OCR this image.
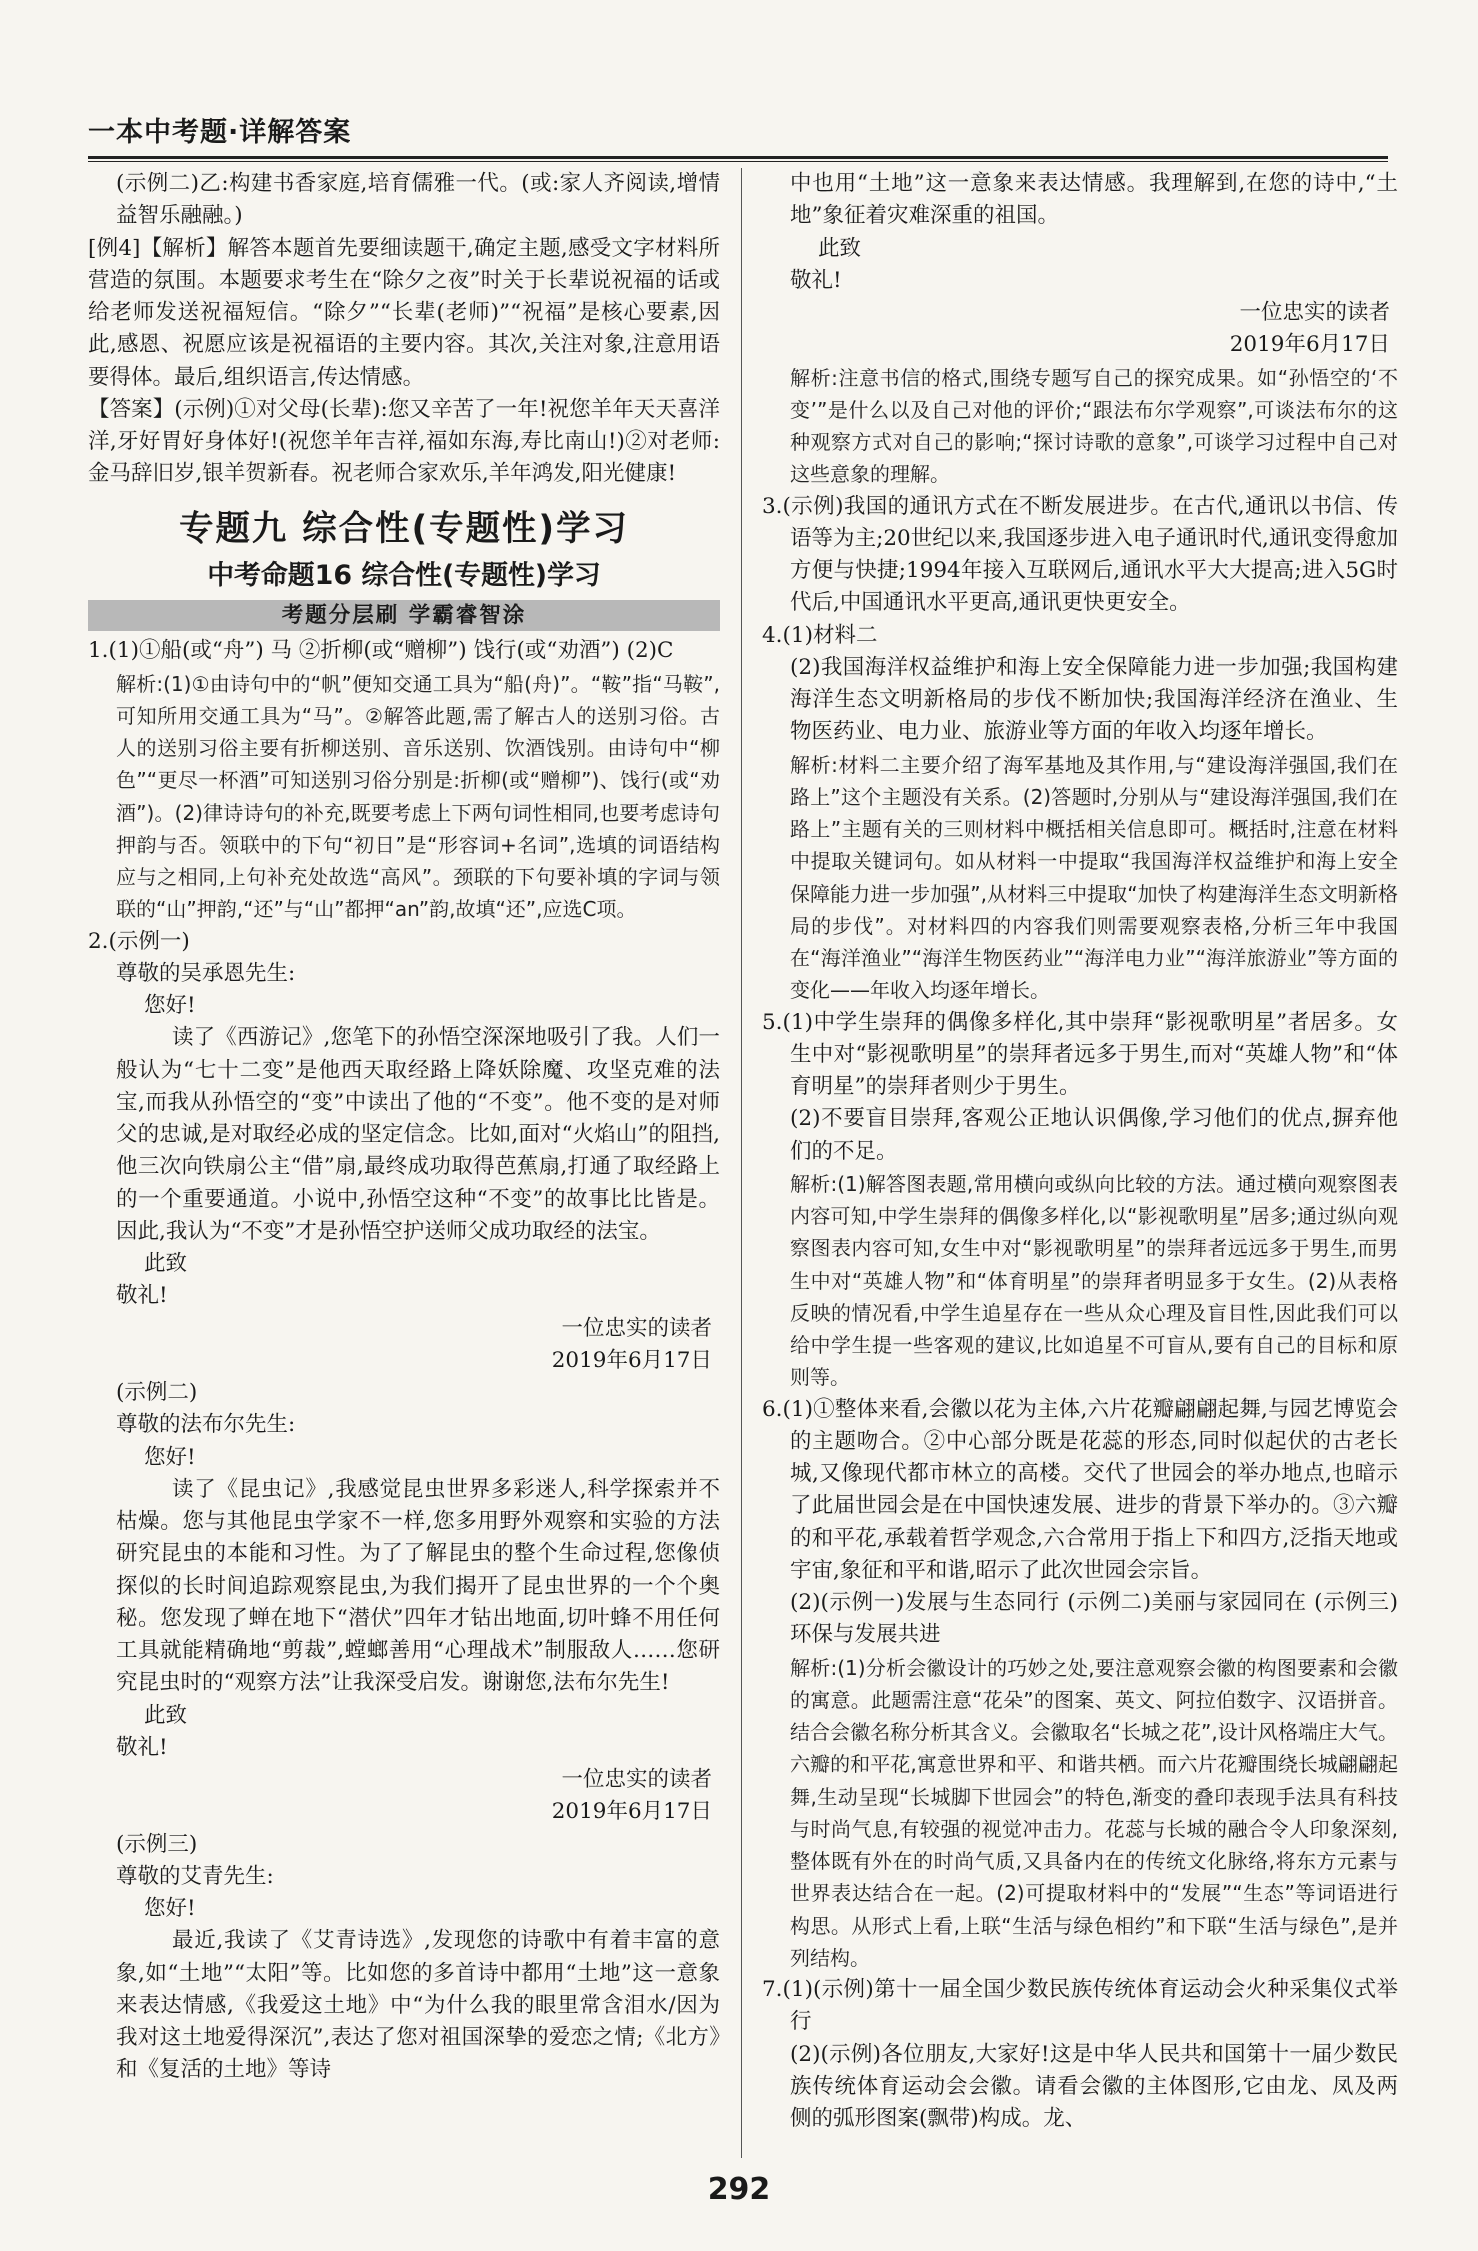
一本中考题·详解答案

(示例二)乙:构建书香家庭,培育儒雅一代。(或:家人齐阅读,增情益智乐融融。)

[例4]【解析】解答本题首先要细读题干,确定主题,感受文字材料所营造的氛围。本题要求考生在“除夕之夜”时关于长辈说祝福的话或给老师发送祝福短信。“除夕”“长辈(老师)”“祝福”是核心要素,因此,感恩、祝愿应该是祝福语的主要内容。其次,关注对象,注意用语要得体。最后,组织语言,传达情感。

【答案】(示例)①对父母(长辈):您又辛苦了一年!祝您羊年天天喜洋洋,牙好胃好身体好!(祝您羊年吉祥,福如东海,寿比南山!)②对老师:金马辞旧岁,银羊贺新春。祝老师合家欢乐,羊年鸿发,阳光健康!

专题九 综合性(专题性)学习

中考命题16 综合性(专题性)学习

考题分层刷 学霸睿智涂

1.(1)①船(或“舟”) 马 ②折柳(或“赠柳”) 饯行(或“劝酒”) (2)C

解析:(1)①由诗句中的“帆”便知交通工具为“船(舟)”。“鞍”指“马鞍”,可知所用交通工具为“马”。②解答此题,需了解古人的送别习俗。古人的送别习俗主要有折柳送别、音乐送别、饮酒饯别。由诗句中“柳色”“更尽一杯酒”可知送别习俗分别是:折柳(或“赠柳”)、饯行(或“劝酒”)。(2)律诗诗句的补充,既要考虑上下两句词性相同,也要考虑诗句押韵与否。领联中的下句“初日”是“形容词+名词”,选填的词语结构应与之相同,上句补充处故选“高风”。颈联的下句要补填的字词与领联的“山”押韵,“还”与“山”都押“an”韵,故填“还”,应选C项。

2.(示例一)

尊敬的吴承恩先生:

您好!

读了《西游记》,您笔下的孙悟空深深地吸引了我。人们一般认为“七十二变”是他西天取经路上降妖除魔、攻坚克难的法宝,而我从孙悟空的“变”中读出了他的“不变”。他不变的是对师父的忠诚,是对取经必成的坚定信念。比如,面对“火焰山”的阻挡,他三次向铁扇公主“借”扇,最终成功取得芭蕉扇,打通了取经路上的一个重要通道。小说中,孙悟空这种“不变”的故事比比皆是。因此,我认为“不变”才是孙悟空护送师父成功取经的法宝。

此致

敬礼!

一位忠实的读者

2019年6月17日

(示例二)

尊敬的法布尔先生:

您好!

读了《昆虫记》,我感觉昆虫世界多彩迷人,科学探索并不枯燥。您与其他昆虫学家不一样,您多用野外观察和实验的方法研究昆虫的本能和习性。为了了解昆虫的整个生命过程,您像侦探似的长时间追踪观察昆虫,为我们揭开了昆虫世界的一个个奥秘。您发现了蝉在地下“潜伏”四年才钻出地面,切叶蜂不用任何工具就能精确地“剪裁”,螳螂善用“心理战术”制服敌人……您研究昆虫时的“观察方法”让我深受启发。谢谢您,法布尔先生!

此致

敬礼!

一位忠实的读者

2019年6月17日

(示例三)

尊敬的艾青先生:

您好!

最近,我读了《艾青诗选》,发现您的诗歌中有着丰富的意象,如“土地”“太阳”等。比如您的多首诗中都用“土地”这一意象来表达情感,《我爱这土地》中“为什么我的眼里常含泪水/因为我对这土地爱得深沉”,表达了您对祖国深挚的爱恋之情;《北方》和《复活的土地》等诗

中也用“土地”这一意象来表达情感。我理解到,在您的诗中,“土地”象征着灾难深重的祖国。

此致

敬礼!

一位忠实的读者

2019年6月17日

解析:注意书信的格式,围绕专题写自己的探究成果。如“孙悟空的‘不变’”是什么以及自己对他的评价;“跟法布尔学观察”,可谈法布尔的这种观察方式对自己的影响;“探讨诗歌的意象”,可谈学习过程中自己对这些意象的理解。

3.(示例)我国的通讯方式在不断发展进步。在古代,通讯以书信、传语等为主;20世纪以来,我国逐步进入电子通讯时代,通讯变得愈加方便与快捷;1994年接入互联网后,通讯水平大大提高;进入5G时代后,中国通讯水平更高,通讯更快更安全。

4.(1)材料二

(2)我国海洋权益维护和海上安全保障能力进一步加强;我国构建海洋生态文明新格局的步伐不断加快;我国海洋经济在渔业、生物医药业、电力业、旅游业等方面的年收入均逐年增长。

解析:材料二主要介绍了海军基地及其作用,与“建设海洋强国,我们在路上”这个主题没有关系。(2)答题时,分别从与“建设海洋强国,我们在路上”主题有关的三则材料中概括相关信息即可。概括时,注意在材料中提取关键词句。如从材料一中提取“我国海洋权益维护和海上安全保障能力进一步加强”,从材料三中提取“加快了构建海洋生态文明新格局的步伐”。对材料四的内容我们则需要观察表格,分析三年中我国在“海洋渔业”“海洋生物医药业”“海洋电力业”“海洋旅游业”等方面的变化——年收入均逐年增长。

5.(1)中学生崇拜的偶像多样化,其中崇拜“影视歌明星”者居多。女生中对“影视歌明星”的崇拜者远多于男生,而对“英雄人物”和“体育明星”的崇拜者则少于男生。

(2)不要盲目崇拜,客观公正地认识偶像,学习他们的优点,摒弃他们的不足。

解析:(1)解答图表题,常用横向或纵向比较的方法。通过横向观察图表内容可知,中学生崇拜的偶像多样化,以“影视歌明星”居多;通过纵向观察图表内容可知,女生中对“影视歌明星”的崇拜者远远多于男生,而男生中对“英雄人物”和“体育明星”的崇拜者明显多于女生。(2)从表格反映的情况看,中学生追星存在一些从众心理及盲目性,因此我们可以给中学生提一些客观的建议,比如追星不可盲从,要有自己的目标和原则等。

6.(1)①整体来看,会徽以花为主体,六片花瓣翩翩起舞,与园艺博览会的主题吻合。②中心部分既是花蕊的形态,同时似起伏的古老长城,又像现代都市林立的高楼。交代了世园会的举办地点,也暗示了此届世园会是在中国快速发展、进步的背景下举办的。③六瓣的和平花,承载着哲学观念,六合常用于指上下和四方,泛指天地或宇宙,象征和平和谐,昭示了此次世园会宗旨。

(2)(示例一)发展与生态同行 (示例二)美丽与家园同在 (示例三)环保与发展共进

解析:(1)分析会徽设计的巧妙之处,要注意观察会徽的构图要素和会徽的寓意。此题需注意“花朵”的图案、英文、阿拉伯数字、汉语拼音。结合会徽名称分析其含义。会徽取名“长城之花”,设计风格端庄大气。六瓣的和平花,寓意世界和平、和谐共栖。而六片花瓣围绕长城翩翩起舞,生动呈现“长城脚下世园会”的特色,渐变的叠印表现手法具有科技与时尚气息,有较强的视觉冲击力。花蕊与长城的融合令人印象深刻,整体既有外在的时尚气质,又具备内在的传统文化脉络,将东方元素与世界表达结合在一起。(2)可提取材料中的“发展”“生态”等词语进行构思。从形式上看,上联“生活与绿色相约”和下联“生活与绿色”,是并列结构。

7.(1)(示例)第十一届全国少数民族传统体育运动会火种采集仪式举行

(2)(示例)各位朋友,大家好!这是中华人民共和国第十一届少数民族传统体育运动会会徽。请看会徽的主体图形,它由龙、凤及两侧的弧形图案(飘带)构成。龙、

292
